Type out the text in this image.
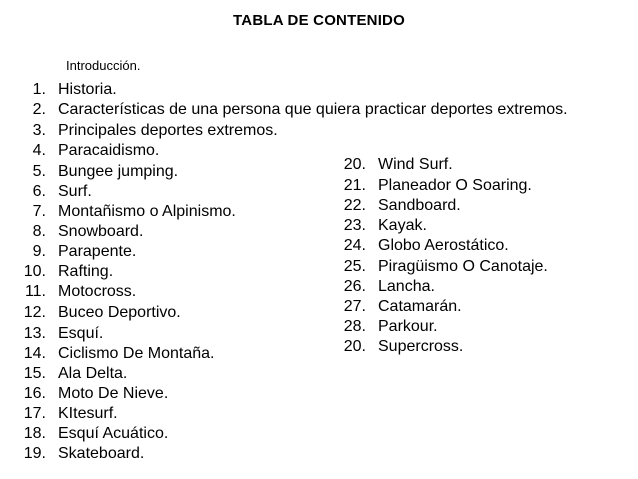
TABLA DE CONTENIDO
Introducción.
1. Historia.
2. Características de una persona que quiera practicar deportes extremos.
3. Principales deportes extremos.
4. Paracaidismo.
5. Bungee jumping.
6. Surf.
7. Montañismo o Alpinismo.
8. Snowboard.
9. Parapente.
10. Rafting.
11. Motocross.
12. Buceo Deportivo.
13. Esquí.
14. Ciclismo De Montaña.
15. Ala Delta.
16. Moto De Nieve.
17. KItesurf.
18. Esquí Acuático.
19. Skateboard.
20. Wind Surf.
21. Planeador O Soaring.
22. Sandboard.
23. Kayak.
24. Globo Aerostático.
25. Piragüismo O Canotaje.
26. Lancha.
27. Catamarán.
28. Parkour.
20. Supercross.
